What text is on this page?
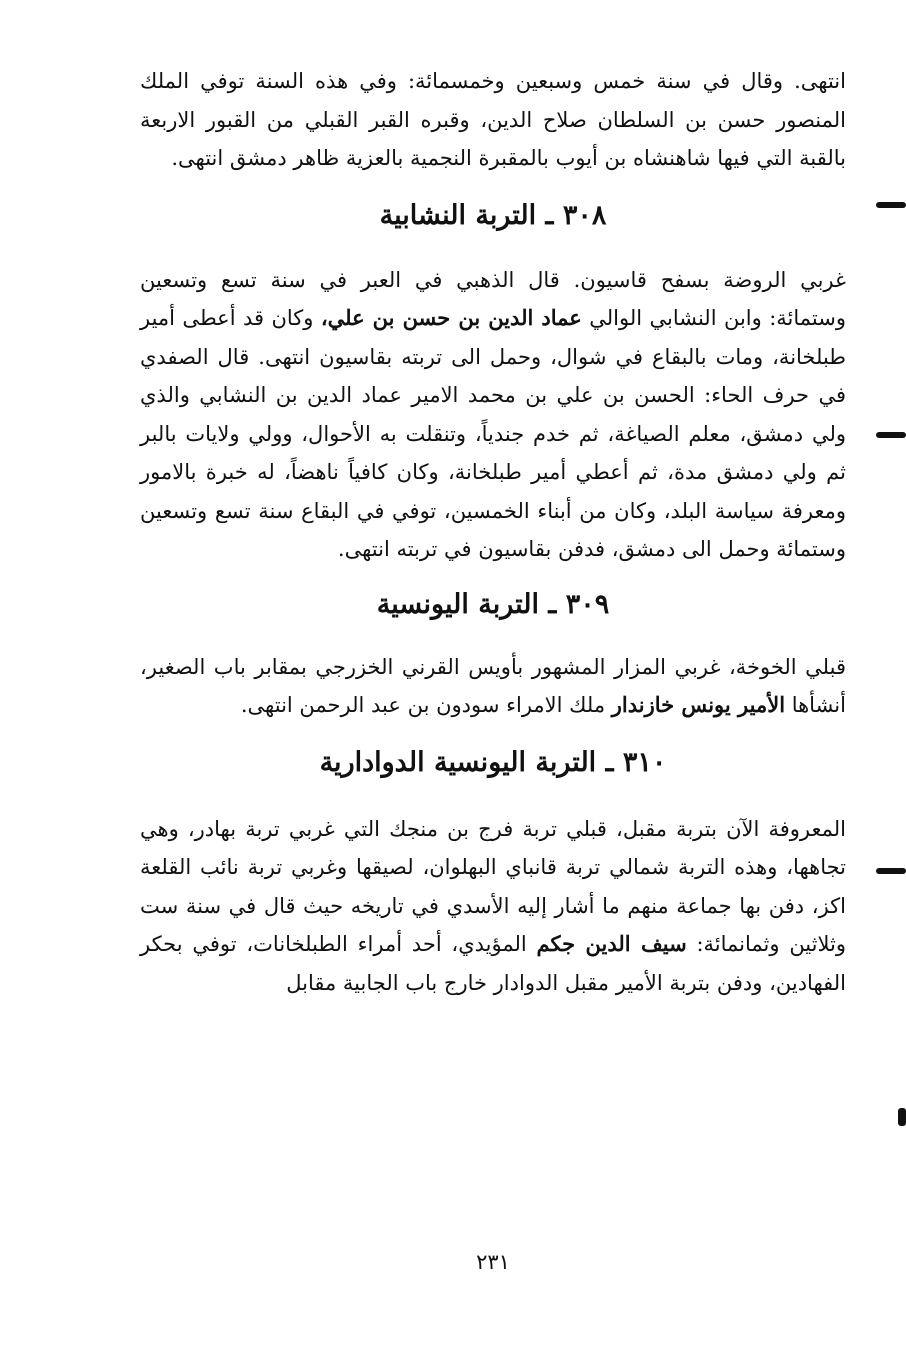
انتهى. وقال في سنة خمس وسبعين وخمسمائة: وفي هذه السنة توفي الملك المنصور حسن بن السلطان صلاح الدين، وقبره القبر القبلي من القبور الاربعة بالقبة التي فيها شاهنشاه بن أيوب بالمقبرة النجمية بالعزية ظاهر دمشق انتهى.

٣٠٨ ـ التربة النشابية

غربي الروضة بسفح قاسيون. قال الذهبي في العبر في سنة تسع وتسعين وستمائة: وابن النشابي الوالي عماد الدين بن حسن بن علي، وكان قد أعطى أمير طبلخانة، ومات بالبقاع في شوال، وحمل الى تربته بقاسيون انتهى. قال الصفدي في حرف الحاء: الحسن بن علي بن محمد الامير عماد الدين بن النشابي والذي ولي دمشق، معلم الصياغة، ثم خدم جندياً، وتنقلت به الأحوال، وولي ولايات بالبر ثم ولي دمشق مدة، ثم أعطي أمير طبلخانة، وكان كافياً ناهضاً، له خبرة بالامور ومعرفة سياسة البلد، وكان من أبناء الخمسين، توفي في البقاع سنة تسع وتسعين وستمائة وحمل الى دمشق، فدفن بقاسيون في تربته انتهى.

٣٠٩ ـ التربة اليونسية

قبلي الخوخة، غربي المزار المشهور بأويس القرني الخزرجي بمقابر باب الصغير، أنشأها الأمير يونس خازندار ملك الامراء سودون بن عبد الرحمن انتهى.

٣١٠ ـ التربة اليونسية الدوادارية

المعروفة الآن بتربة مقبل، قبلي تربة فرج بن منجك التي غربي تربة بهادر، وهي تجاهها، وهذه التربة شمالي تربة قانباي البهلوان، لصيقها وغربي تربة نائب القلعة اكز، دفن بها جماعة منهم ما أشار إليه الأسدي في تاريخه حيث قال في سنة ست وثلاثين وثمانمائة: سيف الدين جكم المؤيدي، أحد أمراء الطبلخانات، توفي بحكر الفهادين، ودفن بتربة الأمير مقبل الدوادار خارج باب الجابية مقابل

٢٣١
